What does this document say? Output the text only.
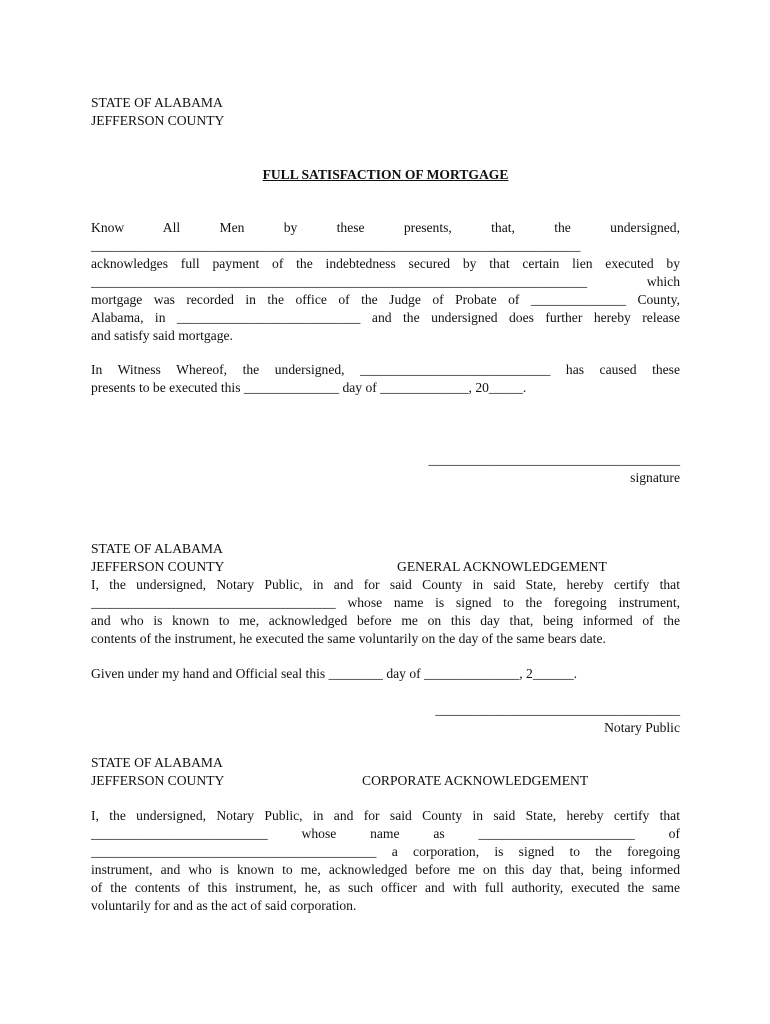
STATE OF ALABAMA
JEFFERSON COUNTY
FULL SATISFACTION OF MORTGAGE
Know All Men by these presents, that, the undersigned,
________________________________________________________________________
acknowledges full payment of the indebtedness secured by that certain lien executed by
_________________________________________________________________________ which
mortgage was recorded in the office of the Judge of Probate of ______________ County,
Alabama, in ___________________________ and the undersigned does further hereby release
and satisfy said mortgage.
In Witness Whereof, the undersigned, ____________________________ has caused these
presents to be executed this ______________ day of _____________, 20_____.
_____________________________________
signature
STATE OF ALABAMA
JEFFERSON COUNTY	GENERAL ACKNOWLEDGEMENT
I, the undersigned, Notary Public, in and for said County in said State, hereby certify that
____________________________________ whose name is signed to the foregoing instrument,
and who is known to me, acknowledged before me on this day that, being informed of the
contents of the instrument, he executed the same voluntarily on the day of the same bears date.
Given under my hand and Official seal this ________ day of ______________, 2______.
____________________________________
Notary Public
STATE OF ALABAMA
JEFFERSON COUNTY	CORPORATE ACKNOWLEDGEMENT
I, the undersigned, Notary Public, in and for said County in said State, hereby certify that
__________________________ whose name as _______________________ of
__________________________________________ a corporation, is signed to the foregoing
instrument, and who is known to me, acknowledged before me on this day that, being informed
of the contents of this instrument, he, as such officer and with full authority, executed the same
voluntarily for and as the act of said corporation.
